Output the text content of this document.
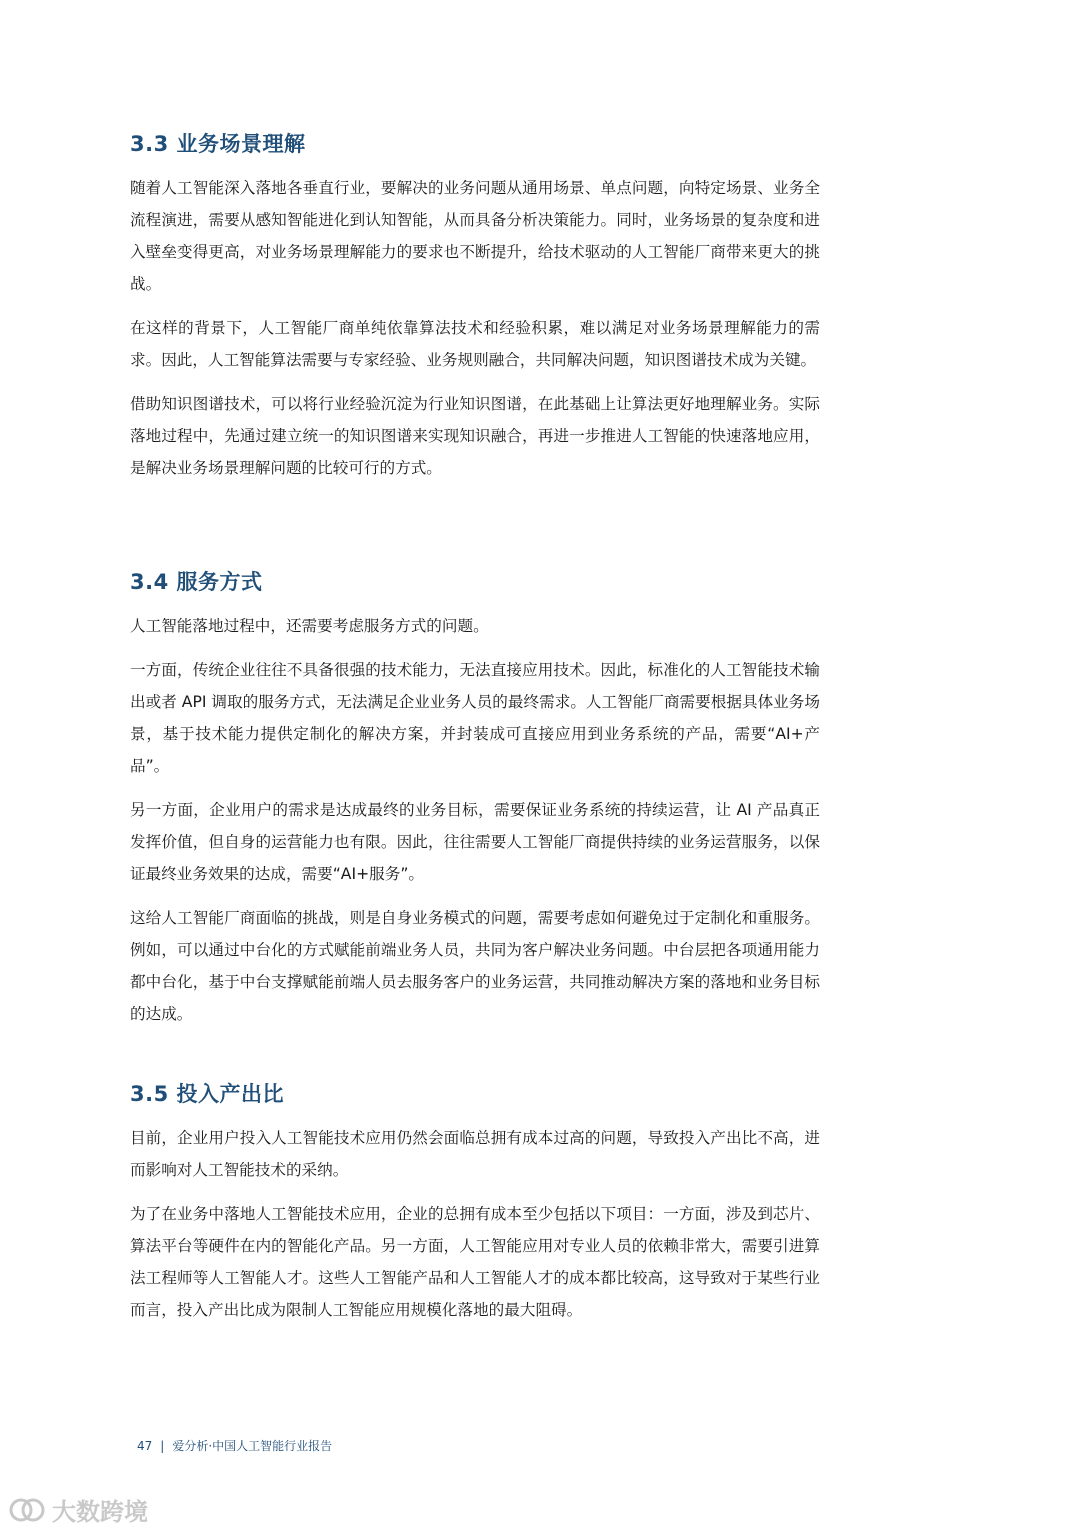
3.3 业务场景理解

随着人工智能深入落地各垂直行业，要解决的业务问题从通用场景、单点问题，向特定场景、业务全流程演进，需要从感知智能进化到认知智能，从而具备分析决策能力。同时，业务场景的复杂度和进入壁垒变得更高，对业务场景理解能力的要求也不断提升，给技术驱动的人工智能厂商带来更大的挑战。

在这样的背景下，人工智能厂商单纯依靠算法技术和经验积累，难以满足对业务场景理解能力的需求。因此，人工智能算法需要与专家经验、业务规则融合，共同解决问题，知识图谱技术成为关键。

借助知识图谱技术，可以将行业经验沉淀为行业知识图谱，在此基础上让算法更好地理解业务。实际落地过程中，先通过建立统一的知识图谱来实现知识融合，再进一步推进人工智能的快速落地应用，是解决业务场景理解问题的比较可行的方式。

3.4 服务方式

人工智能落地过程中，还需要考虑服务方式的问题。

一方面，传统企业往往不具备很强的技术能力，无法直接应用技术。因此，标准化的人工智能技术输出或者 API 调取的服务方式，无法满足企业业务人员的最终需求。人工智能厂商需要根据具体业务场景，基于技术能力提供定制化的解决方案，并封装成可直接应用到业务系统的产品，需要“AI+产品”。

另一方面，企业用户的需求是达成最终的业务目标，需要保证业务系统的持续运营，让 AI 产品真正发挥价值，但自身的运营能力也有限。因此，往往需要人工智能厂商提供持续的业务运营服务，以保证最终业务效果的达成，需要“AI+服务”。

这给人工智能厂商面临的挑战，则是自身业务模式的问题，需要考虑如何避免过于定制化和重服务。例如，可以通过中台化的方式赋能前端业务人员，共同为客户解决业务问题。中台层把各项通用能力都中台化，基于中台支撑赋能前端人员去服务客户的业务运营，共同推动解决方案的落地和业务目标的达成。

3.5 投入产出比

目前，企业用户投入人工智能技术应用仍然会面临总拥有成本过高的问题，导致投入产出比不高，进而影响对人工智能技术的采纳。

为了在业务中落地人工智能技术应用，企业的总拥有成本至少包括以下项目：一方面，涉及到芯片、算法平台等硬件在内的智能化产品。另一方面，人工智能应用对专业人员的依赖非常大，需要引进算法工程师等人工智能人才。这些人工智能产品和人工智能人才的成本都比较高，这导致对于某些行业而言，投入产出比成为限制人工智能应用规模化落地的最大阻碍。

47 | 爱分析·中国人工智能行业报告
大数跨境
